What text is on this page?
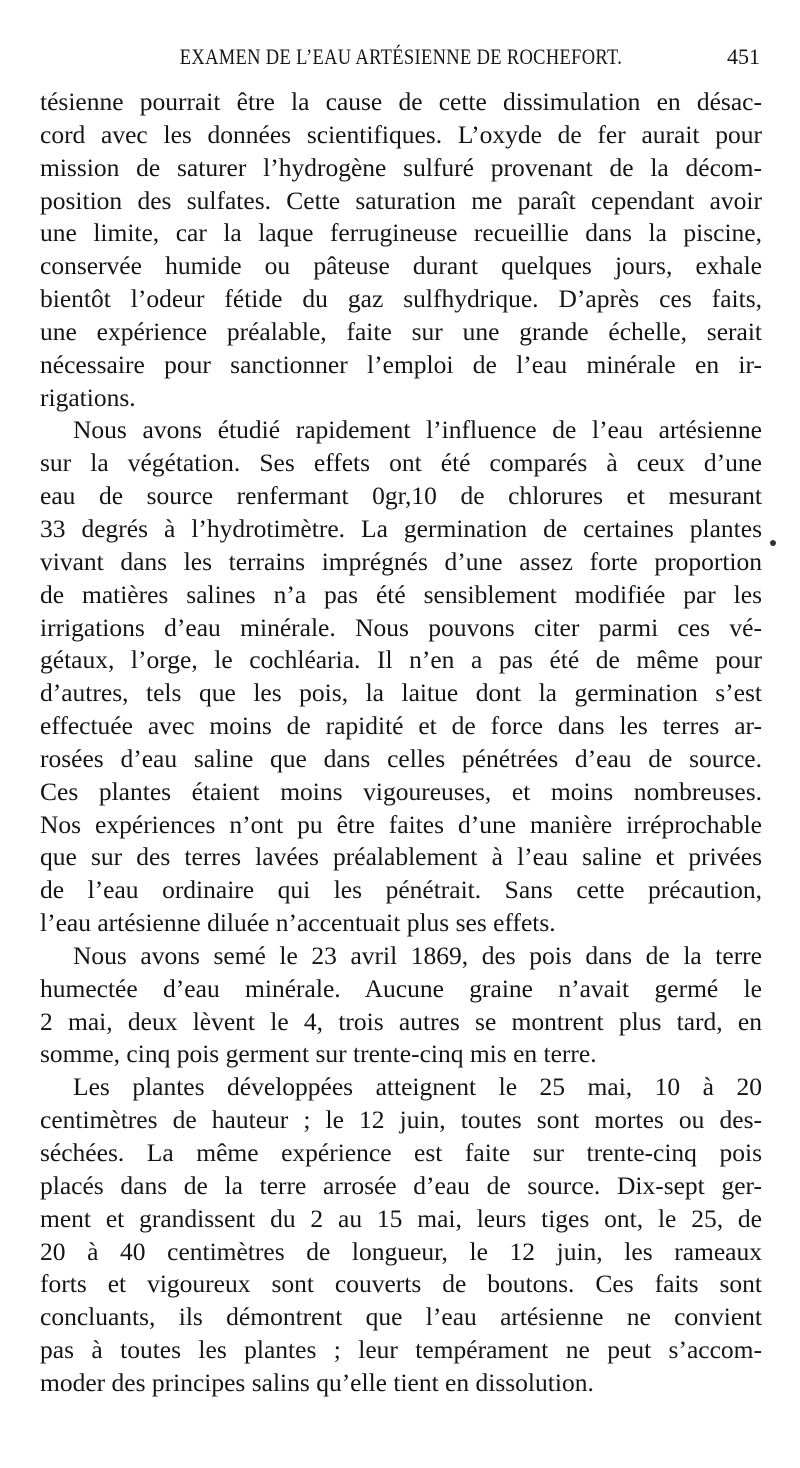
EXAMEN DE L’EAU ARTÉSIENNE DE ROCHEFORT.	451
tésienne pourrait être la cause de cette dissimulation en désac-
cord avec les données scientifiques. L’oxyde de fer aurait pour
mission de saturer l’hydrogène sulfuré provenant de la décom-
position des sulfates. Cette saturation me paraît cependant avoir
une limite, car la laque ferrugineuse recueillie dans la piscine,
conservée humide ou pâteuse durant quelques jours, exhale
bientôt l’odeur fétide du gaz sulfhydrique. D’après ces faits,
une expérience préalable, faite sur une grande échelle, serait
nécessaire pour sanctionner l’emploi de l’eau minérale en ir-
rigations.
Nous avons étudié rapidement l’influence de l’eau artésienne
sur la végétation. Ses effets ont été comparés à ceux d’une
eau de source renfermant 0gr,10 de chlorures et mesurant
33 degrés à l’hydrotimètre. La germination de certaines plantes
vivant dans les terrains imprégnés d’une assez forte proportion
de matières salines n’a pas été sensiblement modifiée par les
irrigations d’eau minérale. Nous pouvons citer parmi ces vé-
gétaux, l’orge, le cochléaria. Il n’en a pas été de même pour
d’autres, tels que les pois, la laitue dont la germination s’est
effectuée avec moins de rapidité et de force dans les terres ar-
rosées d’eau saline que dans celles pénétrées d’eau de source.
Ces plantes étaient moins vigoureuses, et moins nombreuses.
Nos expériences n’ont pu être faites d’une manière irréprochable
que sur des terres lavées préalablement à l’eau saline et privées
de l’eau ordinaire qui les pénétrait. Sans cette précaution,
l’eau artésienne diluée n’accentuait plus ses effets.
Nous avons semé le 23 avril 1869, des pois dans de la terre
humectée d’eau minérale. Aucune graine n’avait germé le
2 mai, deux lèvent le 4, trois autres se montrent plus tard, en
somme, cinq pois germent sur trente-cinq mis en terre.
Les plantes développées atteignent le 25 mai, 10 à 20
centimètres de hauteur ; le 12 juin, toutes sont mortes ou des-
séchées. La même expérience est faite sur trente-cinq pois
placés dans de la terre arrosée d’eau de source. Dix-sept ger-
ment et grandissent du 2 au 15 mai, leurs tiges ont, le 25, de
20 à 40 centimètres de longueur, le 12 juin, les rameaux
forts et vigoureux sont couverts de boutons. Ces faits sont
concluants, ils démontrent que l’eau artésienne ne convient
pas à toutes les plantes ; leur tempérament ne peut s’accom-
moder des principes salins qu’elle tient en dissolution.
